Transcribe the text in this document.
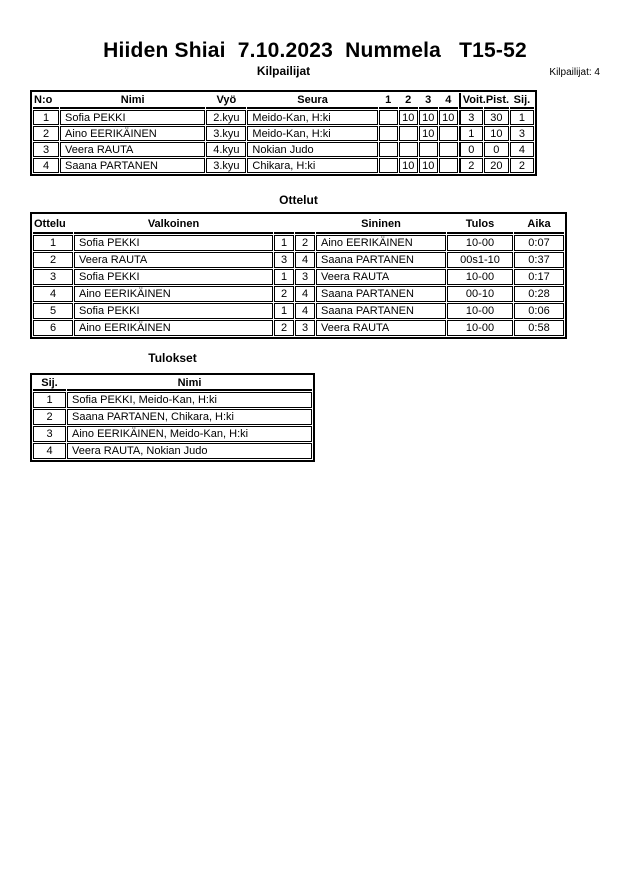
Hiiden Shiai  7.10.2023  Nummela   T15-52
Kilpailijat	Kilpailijat: 4
N:o	Nimi	Vyö	Seura	1	2	3	4	Voit.	Pist.	Sij.
1	Sofia PEKKI	2.kyu	Meido-Kan, H:ki		10	10	10	3	30	1
2	Aino EERIKÄINEN	3.kyu	Meido-Kan, H:ki			10		1	10	3
3	Veera RAUTA	4.kyu	Nokian Judo					0	0	4
4	Saana PARTANEN	3.kyu	Chikara, H:ki		10	10		2	20	2
Ottelut
Ottelu	Valkoinen			Sininen	Tulos	Aika
1	Sofia PEKKI	1	2	Aino EERIKÄINEN	10-00	0:07
2	Veera RAUTA	3	4	Saana PARTANEN	00s1-10	0:37
3	Sofia PEKKI	1	3	Veera RAUTA	10-00	0:17
4	Aino EERIKÄINEN	2	4	Saana PARTANEN	00-10	0:28
5	Sofia PEKKI	1	4	Saana PARTANEN	10-00	0:06
6	Aino EERIKÄINEN	2	3	Veera RAUTA	10-00	0:58
Tulokset
Sij.	Nimi
1	Sofia PEKKI, Meido-Kan, H:ki
2	Saana PARTANEN, Chikara, H:ki
3	Aino EERIKÄINEN, Meido-Kan, H:ki
4	Veera RAUTA, Nokian Judo
